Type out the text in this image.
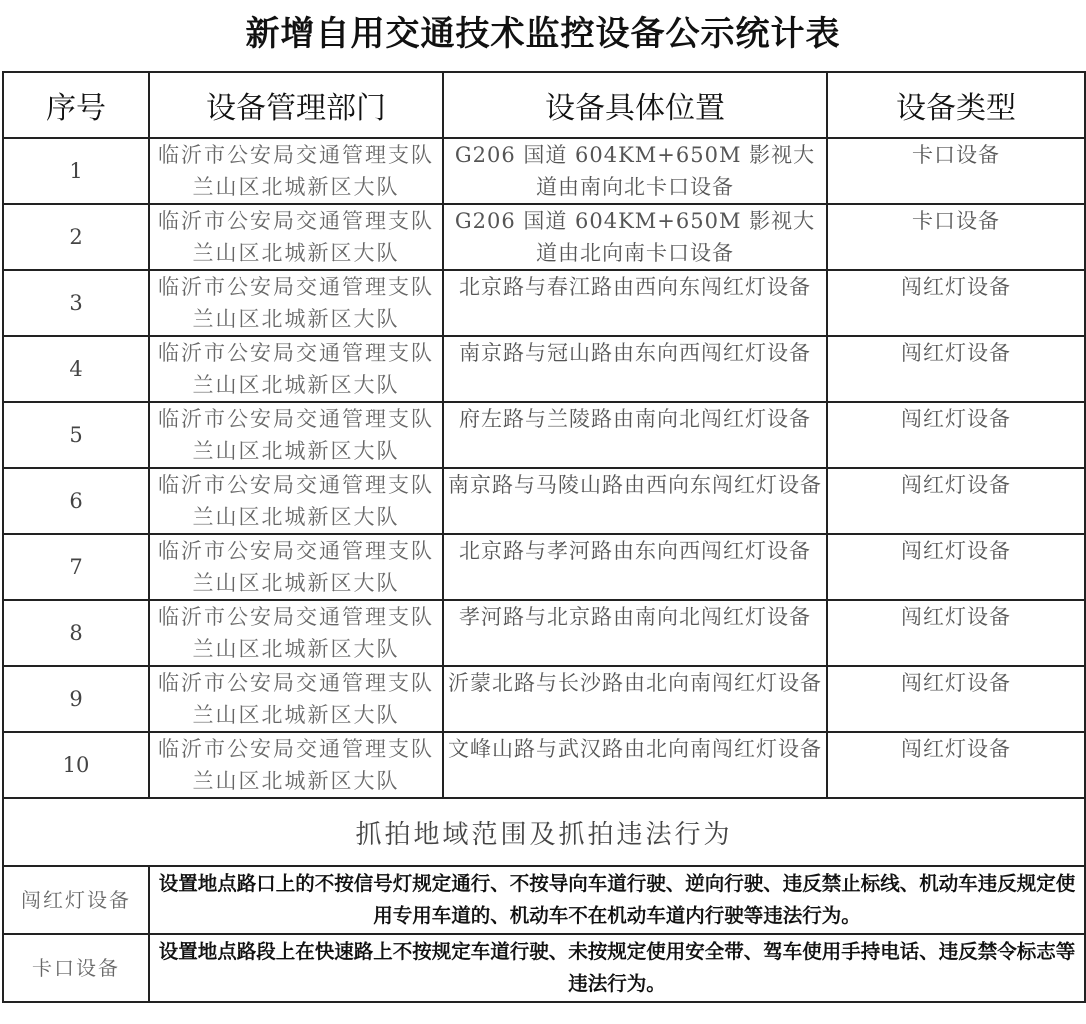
新增自用交通技术监控设备公示统计表
序号	设备管理部门	设备具体位置	设备类型
1	临沂市公安局交通管理支队兰山区北城新区大队	G206 国道 604KM+650M 影视大道由南向北卡口设备	卡口设备
2	临沂市公安局交通管理支队兰山区北城新区大队	G206 国道 604KM+650M 影视大道由北向南卡口设备	卡口设备
3	临沂市公安局交通管理支队兰山区北城新区大队	北京路与春江路由西向东闯红灯设备	闯红灯设备
4	临沂市公安局交通管理支队兰山区北城新区大队	南京路与冠山路由东向西闯红灯设备	闯红灯设备
5	临沂市公安局交通管理支队兰山区北城新区大队	府左路与兰陵路由南向北闯红灯设备	闯红灯设备
6	临沂市公安局交通管理支队兰山区北城新区大队	南京路与马陵山路由西向东闯红灯设备	闯红灯设备
7	临沂市公安局交通管理支队兰山区北城新区大队	北京路与孝河路由东向西闯红灯设备	闯红灯设备
8	临沂市公安局交通管理支队兰山区北城新区大队	孝河路与北京路由南向北闯红灯设备	闯红灯设备
9	临沂市公安局交通管理支队兰山区北城新区大队	沂蒙北路与长沙路由北向南闯红灯设备	闯红灯设备
10	临沂市公安局交通管理支队兰山区北城新区大队	文峰山路与武汉路由北向南闯红灯设备	闯红灯设备
抓拍地域范围及抓拍违法行为			
闯红灯设备	设置地点路口上的不按信号灯规定通行、不按导向车道行驶、逆向行驶、违反禁止标线、机动车违反规定使用专用车道的、机动车不在机动车道内行驶等违法行为。		
卡口设备	设置地点路段上在快速路上不按规定车道行驶、未按规定使用安全带、驾车使用手持电话、违反禁令标志等违法行为。		
